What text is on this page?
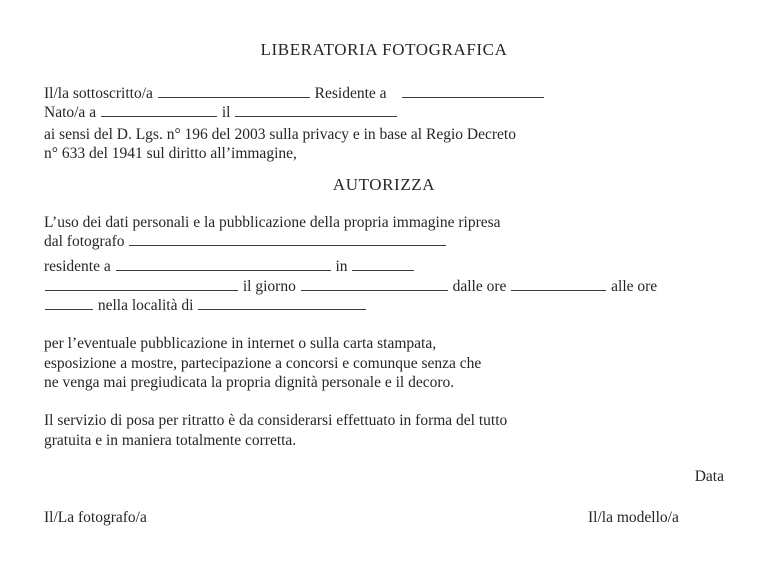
LIBERATORIA FOTOGRAFICA
Il/la sottoscritto/a	Residente a
Nato/a a	il
ai sensi del D. Lgs. n° 196 del 2003 sulla privacy e in base al Regio Decreto
n° 633 del 1941 sul diritto all’immagine,
AUTORIZZA
L’uso dei dati personali e la pubblicazione della propria immagine ripresa
dal fotografo
residente a	in
il giorno	dalle ore	alle ore
nella località di
per l’eventuale pubblicazione in internet o sulla carta stampata,
esposizione a mostre, partecipazione a concorsi e comunque senza che
ne venga mai pregiudicata la propria dignità personale e il decoro.
Il servizio di posa per ritratto è da considerarsi effettuato in forma del tutto
gratuita e in maniera totalmente corretta.
Data
Il/La fotografo/a	Il/la modello/a
